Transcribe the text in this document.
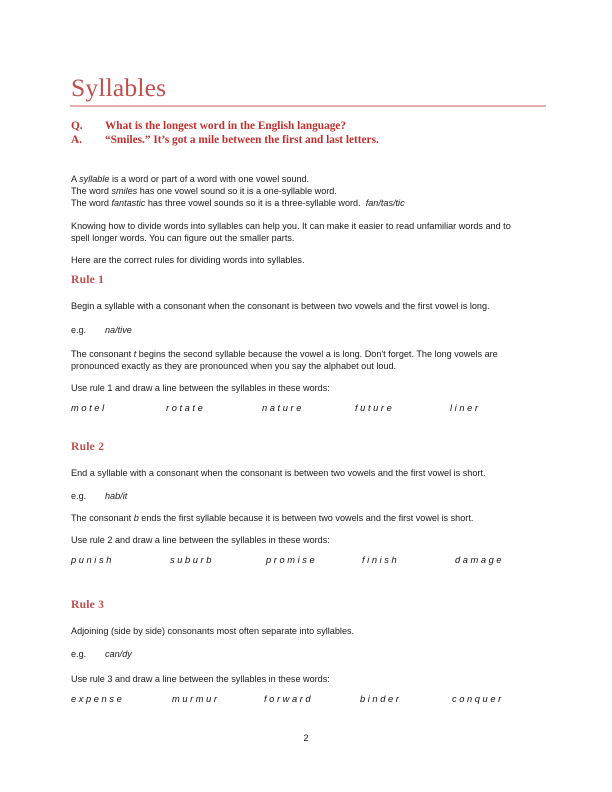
Syllables
Q. What is the longest word in the English language?
A. “Smiles.” It’s got a mile between the first and last letters.
A syllable is a word or part of a word with one vowel sound.
The word smiles has one vowel sound so it is a one-syllable word.
The word fantastic has three vowel sounds so it is a three-syllable word. fan/tas/tic
Knowing how to divide words into syllables can help you. It can make it easier to read unfamiliar words and to spell longer words. You can figure out the smaller parts.
Here are the correct rules for dividing words into syllables.
Rule 1
Begin a syllable with a consonant when the consonant is between two vowels and the first vowel is long.
e.g. na/tive
The consonant t begins the second syllable because the vowel a is long. Don't forget. The long vowels are pronounced exactly as they are pronounced when you say the alphabet out loud.
Use rule 1 and draw a line between the syllables in these words:
motel	rotate	nature	future	liner
Rule 2
End a syllable with a consonant when the consonant is between two vowels and the first vowel is short.
e.g. hab/it
The consonant b ends the first syllable because it is between two vowels and the first vowel is short.
Use rule 2 and draw a line between the syllables in these words:
punish	suburb	promise	finish	damage
Rule 3
Adjoining (side by side) consonants most often separate into syllables.
e.g. can/dy
Use rule 3 and draw a line between the syllables in these words:
expense	murmur	forward	binder	conquer
2
